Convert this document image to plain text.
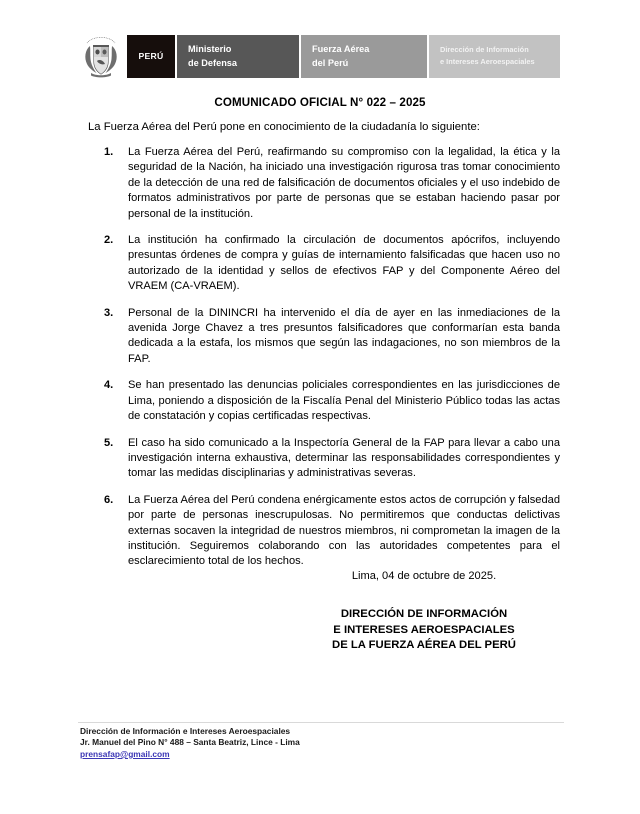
PERÚ
Ministerio
de Defensa
Fuerza Aérea
del Perú
Dirección de Información
e Intereses Aeroespaciales
COMUNICADO OFICIAL N° 022 – 2025
La Fuerza Aérea del Perú pone en conocimiento de la ciudadanía lo siguiente:
1.	La Fuerza Aérea del Perú, reafirmando su compromiso con la legalidad, la ética y la seguridad de la Nación, ha iniciado una investigación rigurosa tras tomar conocimiento de la detección de una red de falsificación de documentos oficiales y el uso indebido de formatos administrativos por parte de personas que se estaban haciendo pasar por personal de la institución.
2.	La institución ha confirmado la circulación de documentos apócrifos, incluyendo presuntas órdenes de compra y guías de internamiento falsificadas que hacen uso no autorizado de la identidad y sellos de efectivos FAP y del Componente Aéreo del VRAEM (CA-VRAEM).
3.	Personal de la DININCRI ha intervenido el día de ayer en las inmediaciones de la avenida Jorge Chavez a tres presuntos falsificadores que conformarían esta banda dedicada a la estafa, los mismos que según las indagaciones, no son miembros de la FAP.
4.	Se han presentado las denuncias policiales correspondientes en las jurisdicciones de Lima, poniendo a disposición de la Fiscalía Penal del Ministerio Público todas las actas de constatación y copias certificadas respectivas.
5.	El caso ha sido comunicado a la Inspectoría General de la FAP para llevar a cabo una investigación interna exhaustiva, determinar las responsabilidades correspondientes y tomar las medidas disciplinarias y administrativas severas.
6.	La Fuerza Aérea del Perú condena enérgicamente estos actos de corrupción y falsedad por parte de personas inescrupulosas. No permitiremos que conductas delictivas externas socaven la integridad de nuestros miembros, ni comprometan la imagen de la institución. Seguiremos colaborando con las autoridades competentes para el esclarecimiento total de los hechos.
Lima, 04 de octubre de 2025.
DIRECCIÓN DE INFORMACIÓN
E INTERESES AEROESPACIALES
DE LA FUERZA AÉREA DEL PERÚ
Dirección de Información e Intereses Aeroespaciales
Jr. Manuel del Pino N° 488 – Santa Beatriz, Lince - Lima
prensafap@gmail.com
